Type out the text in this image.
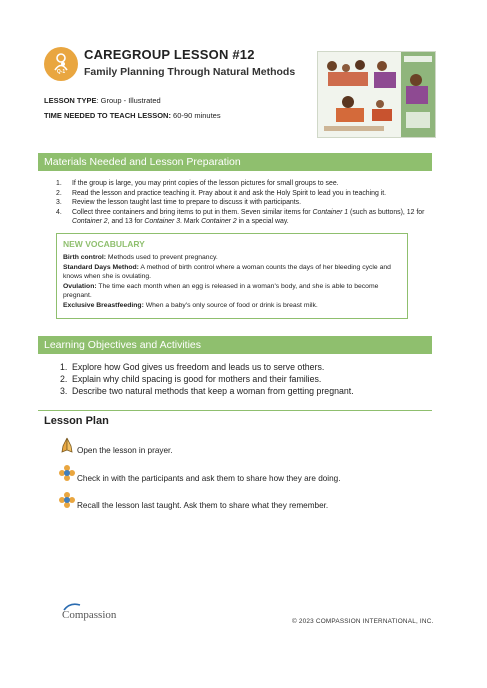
Q-1
CAREGROUP LESSON #12
Family Planning Through Natural Methods
LESSON TYPE: Group - Illustrated
TIME NEEDED TO TEACH LESSON: 60-90 minutes
Materials Needed and Lesson Preparation
1. If the group is large, you may print copies of the lesson pictures for small groups to see.
2. Read the lesson and practice teaching it. Pray about it and ask the Holy Spirit to lead you in teaching it.
3. Review the lesson taught last time to prepare to discuss it with participants.
4. Collect three containers and bring items to put in them. Seven similar items for Container 1 (such as buttons), 12 for Container 2, and 13 for Container 3. Mark Container 2 in a special way.
NEW VOCABULARY
Birth control: Methods used to prevent pregnancy.
Standard Days Method: A method of birth control where a woman counts the days of her bleeding cycle and knows when she is ovulating.
Ovulation: The time each month when an egg is released in a woman's body, and she is able to become pregnant.
Exclusive Breastfeeding: When a baby's only source of food or drink is breast milk.
Learning Objectives and Activities
1. Explore how God gives us freedom and leads us to serve others.
2. Explain why child spacing is good for mothers and their families.
3. Describe two natural methods that keep a woman from getting pregnant.
Lesson Plan
Open the lesson in prayer.
Check in with the participants and ask them to share how they are doing.
Recall the lesson last taught. Ask them to share what they remember.
Compassion
© 2023 COMPASSION INTERNATIONAL, INC.
